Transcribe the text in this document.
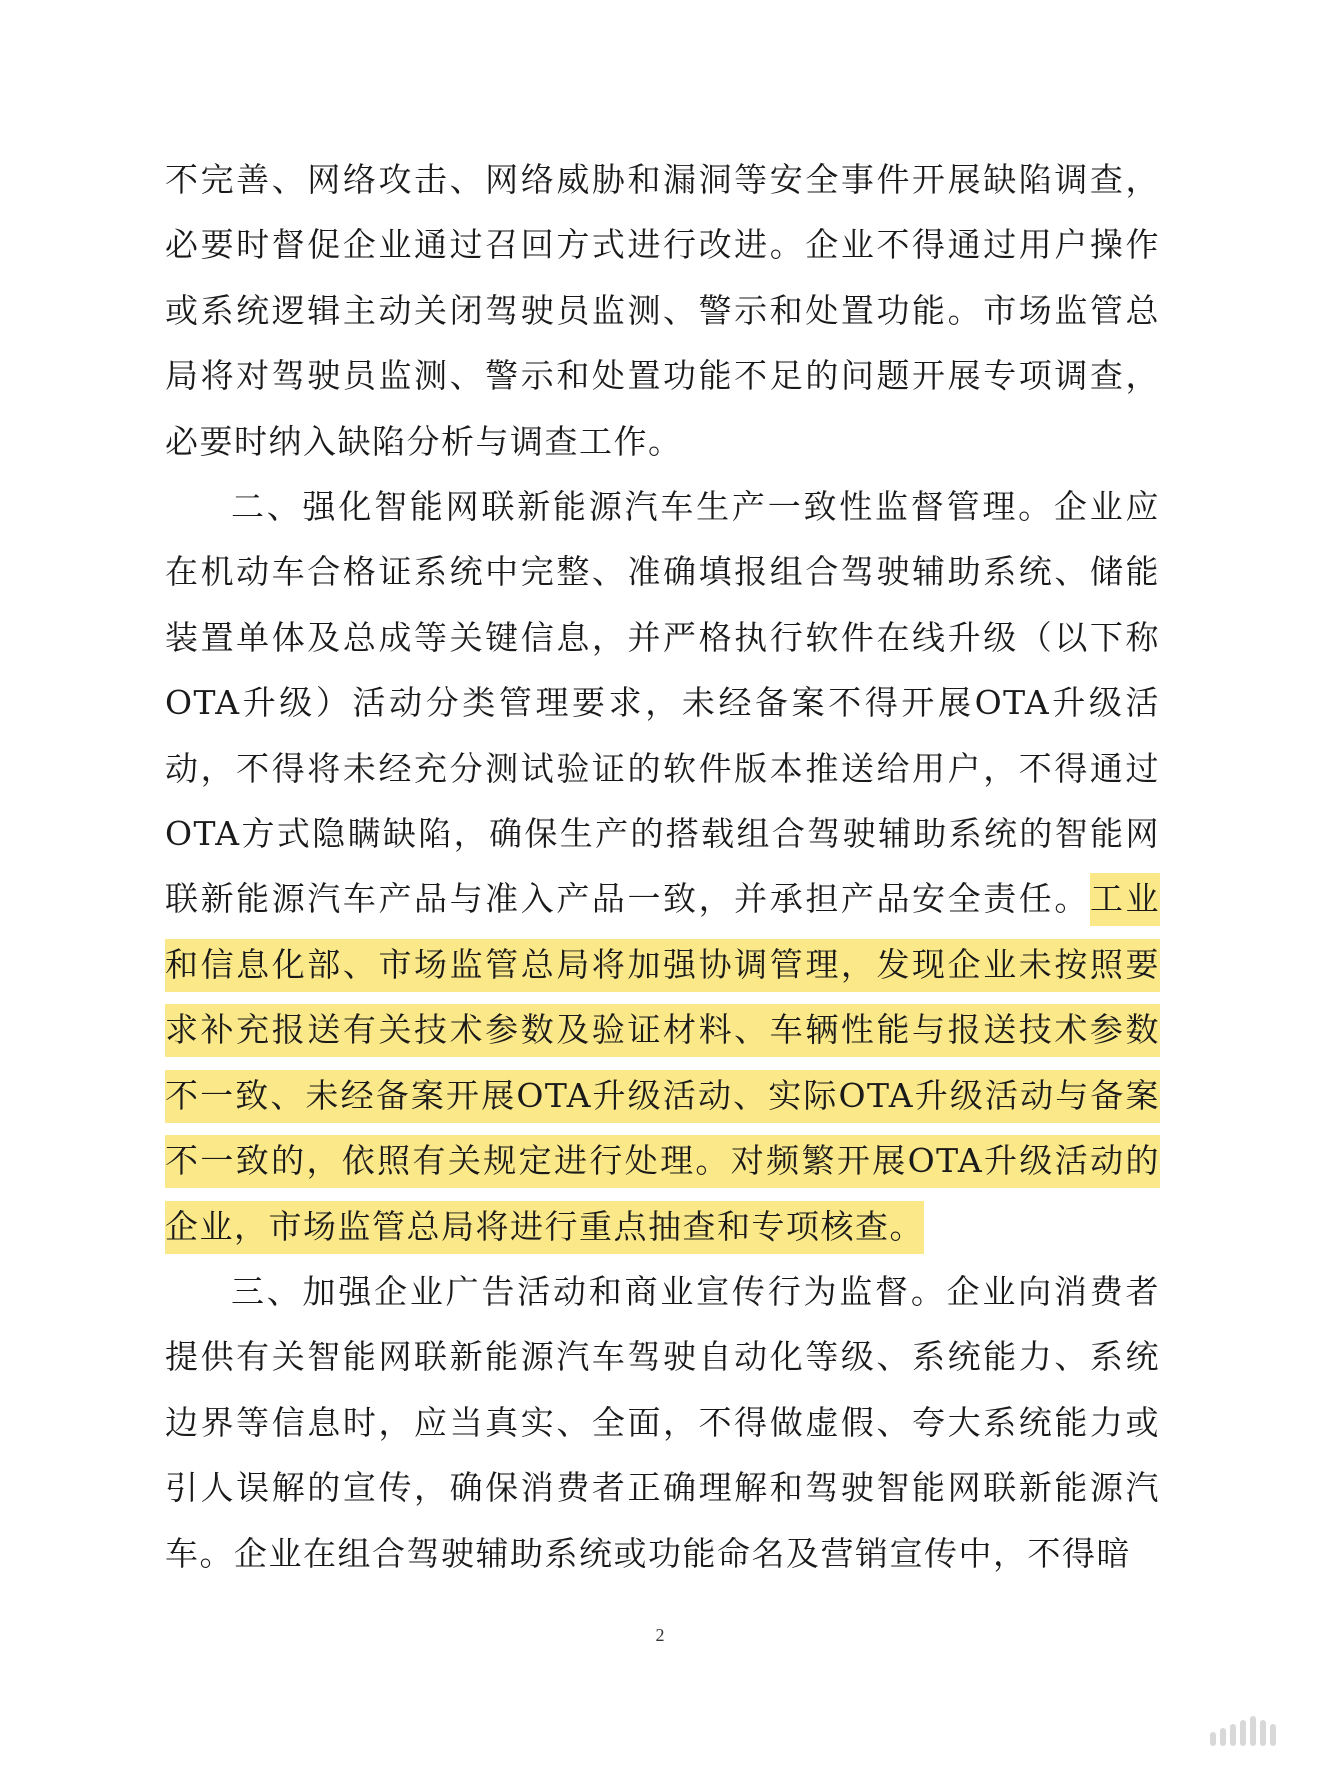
不完善、网络攻击、网络威胁和漏洞等安全事件开展缺陷调查，必要时督促企业通过召回方式进行改进。企业不得通过用户操作或系统逻辑主动关闭驾驶员监测、警示和处置功能。市场监管总局将对驾驶员监测、警示和处置功能不足的问题开展专项调查，必要时纳入缺陷分析与调查工作。

二、强化智能网联新能源汽车生产一致性监督管理。企业应在机动车合格证系统中完整、准确填报组合驾驶辅助系统、储能装置单体及总成等关键信息，并严格执行软件在线升级（以下称OTA升级）活动分类管理要求，未经备案不得开展OTA升级活动，不得将未经充分测试验证的软件版本推送给用户，不得通过OTA方式隐瞒缺陷，确保生产的搭载组合驾驶辅助系统的智能网联新能源汽车产品与准入产品一致，并承担产品安全责任。工业和信息化部、市场监管总局将加强协调管理，发现企业未按照要求补充报送有关技术参数及验证材料、车辆性能与报送技术参数不一致、未经备案开展OTA升级活动、实际OTA升级活动与备案不一致的，依照有关规定进行处理。对频繁开展OTA升级活动的企业，市场监管总局将进行重点抽查和专项核查。

三、加强企业广告活动和商业宣传行为监督。企业向消费者提供有关智能网联新能源汽车驾驶自动化等级、系统能力、系统边界等信息时，应当真实、全面，不得做虚假、夸大系统能力或引人误解的宣传，确保消费者正确理解和驾驶智能网联新能源汽车。企业在组合驾驶辅助系统或功能命名及营销宣传中，不得暗

2
